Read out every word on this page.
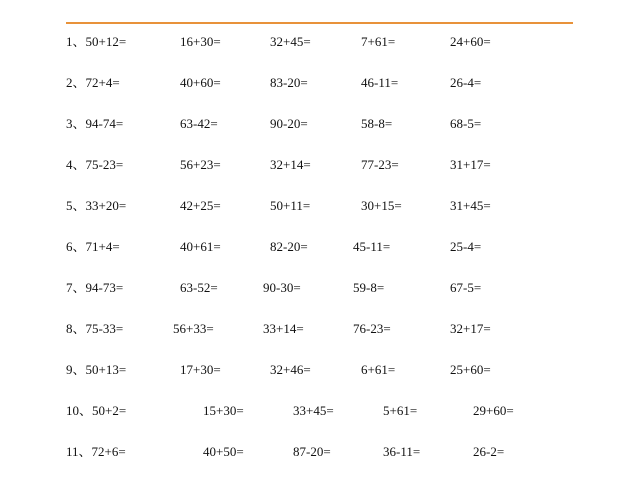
1、50+12=	16+30=	32+45=	7+61=	24+60=
2、72+4=	40+60=	83-20=	46-11=	26-4=
3、94-74=	63-42=	90-20=	58-8=	68-5=
4、75-23=	56+23=	32+14=	77-23=	31+17=
5、33+20=	42+25=	50+11=	30+15=	31+45=
6、71+4=	40+61=	82-20=	45-11=	25-4=
7、94-73=	63-52=	90-30=	59-8=	67-5=
8、75-33=	56+33=	33+14=	76-23=	32+17=
9、50+13=	17+30=	32+46=	6+61=	25+60=
10、50+2=	15+30=	33+45=	5+61=	29+60=
11、72+6=	40+50=	87-20=	36-11=	26-2=
